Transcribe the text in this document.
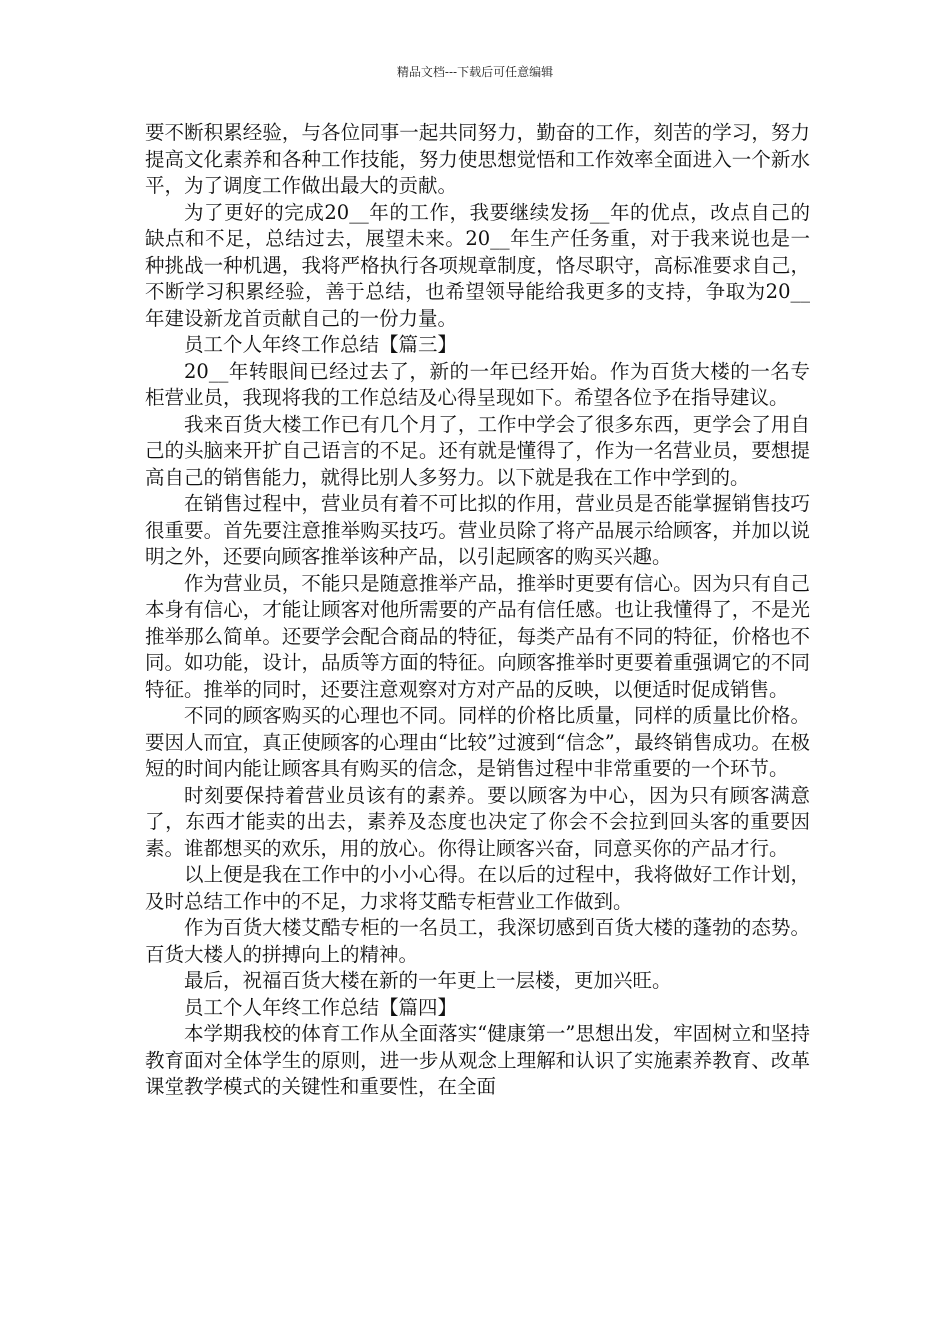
精品文档---下载后可任意编辑

要不断积累经验，与各位同事一起共同努力，勤奋的工作，刻苦的学习，努力提高文化素养和各种工作技能，努力使思想觉悟和工作效率全面进入一个新水平，为了调度工作做出最大的贡献。

为了更好的完成20__年的工作，我要继续发扬__年的优点，改点自己的缺点和不足，总结过去，展望未来。20__年生产任务重，对于我来说也是一种挑战一种机遇，我将严格执行各项规章制度，恪尽职守，高标准要求自己，不断学习积累经验，善于总结，也希望领导能给我更多的支持，争取为20__年建设新龙首贡献自己的一份力量。

员工个人年终工作总结【篇三】

20__年转眼间已经过去了，新的一年已经开始。作为百货大楼的一名专柜营业员，我现将我的工作总结及心得呈现如下。希望各位予在指导建议。

我来百货大楼工作已有几个月了，工作中学会了很多东西，更学会了用自己的头脑来开扩自己语言的不足。还有就是懂得了，作为一名营业员，要想提高自己的销售能力，就得比别人多努力。以下就是我在工作中学到的。

在销售过程中，营业员有着不可比拟的作用，营业员是否能掌握销售技巧很重要。首先要注意推举购买技巧。营业员除了将产品展示给顾客，并加以说明之外，还要向顾客推举该种产品，以引起顾客的购买兴趣。

作为营业员，不能只是随意推举产品，推举时更要有信心。因为只有自己本身有信心，才能让顾客对他所需要的产品有信任感。也让我懂得了，不是光推举那么简单。还要学会配合商品的特征，每类产品有不同的特征，价格也不同。如功能，设计，品质等方面的特征。向顾客推举时更要着重强调它的不同特征。推举的同时，还要注意观察对方对产品的反映，以便适时促成销售。

不同的顾客购买的心理也不同。同样的价格比质量，同样的质量比价格。要因人而宜，真正使顾客的心理由“比较”过渡到“信念”，最终销售成功。在极短的时间内能让顾客具有购买的信念，是销售过程中非常重要的一个环节。

时刻要保持着营业员该有的素养。要以顾客为中心，因为只有顾客满意了，东西才能卖的出去，素养及态度也决定了你会不会拉到回头客的重要因素。谁都想买的欢乐，用的放心。你得让顾客兴奋，同意买你的产品才行。

以上便是我在工作中的小小心得。在以后的过程中，我将做好工作计划，及时总结工作中的不足，力求将艾酷专柜营业工作做到。

作为百货大楼艾酷专柜的一名员工，我深切感到百货大楼的蓬勃的态势。百货大楼人的拼搏向上的精神。

最后，祝福百货大楼在新的一年更上一层楼，更加兴旺。

员工个人年终工作总结【篇四】

本学期我校的体育工作从全面落实“健康第一”思想出发，牢固树立和坚持教育面对全体学生的原则，进一步从观念上理解和认识了实施素养教育、改革课堂教学模式的关键性和重要性，在全面
